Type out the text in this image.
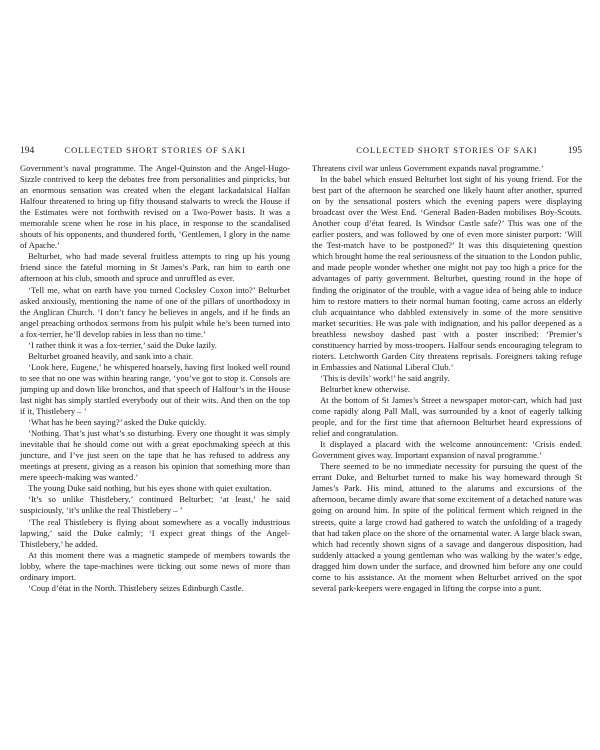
194	COLLECTED SHORT STORIES OF SAKI

Government’s naval programme. The Angel-Quinston and the Angel-Hugo-Sizzle contrived to keep the debates free from personalities and pinpricks, but an enormous sensation was created when the elegant lackadaisical Halfan Halfour threatened to bring up fifty thousand stalwarts to wreck the House if the Estimates were not forthwith revised on a Two-Power basis. It was a memorable scene when he rose in his place, in response to the scandalised shouts of his opponents, and thundered forth, ‘Gentlemen, I glory in the name of Apache.’

Belturbet, who had made several fruitless attempts to ring up his young friend since the fateful morning in St James’s Park, ran him to earth one afternoon at his club, smooth and spruce and unruffled as ever.

‘Tell me, what on earth have you turned Cocksley Coxon into?’ Belturbet asked anxiously, mentioning the name of one of the pillars of unorthodoxy in the Anglican Church. ‘I don’t fancy he believes in angels, and if he finds an angel preaching orthodox sermons from his pulpit while he’s been turned into a fox-terrier, he’ll develop rabies in less than no time.’

‘I rather think it was a fox-terrier,’ said the Duke lazily.

Belturbet groaned heavily, and sank into a chair.

‘Look here, Eugene,’ he whispered hoarsely, having first looked well round to see that no one was within hearing range, ‘you’ve got to stop it. Consols are jumping up and down like bronchos, and that speech of Halfour’s in the House last night has simply startled everybody out of their wits. And then on the top if it, Thistlebery – ’

‘What has he been saying?’ asked the Duke quickly.

‘Nothing. That’s just what’s so disturbing. Every one thought it was simply inevitable that he should come out with a great epochmaking speech at this juncture, and I’ve just seen on the tape that he has refused to address any meetings at present, giving as a reason his opinion that something more than mere speech-making was wanted.’

The young Duke said nothing, but his eyes shone with quiet exultation.

‘It’s so unlike Thistlebery,’ continued Belturbet; ‘at least,’ he said suspiciously, ‘it’s unlike the real Thistlebery – ’

‘The real Thistlebery is flying about somewhere as a vocally industrious lapwing,’ said the Duke calmly; ‘I expect great things of the Angel-Thistlebery,’ he added.

At this moment there was a magnetic stampede of members towards the lobby, where the tape-machines were ticking out some news of more than ordinary import.

‘Coup d’état in the North. Thistlebery seizes Edinburgh Castle.

COLLECTED SHORT STORIES OF SAKI	195

Threatens civil war unless Government expands naval programme.’

In the babel which ensued Belturbet lost sight of his young friend. For the best part of the afternoon he searched one likely haunt after another, spurred on by the sensational posters which the evening papers were displaying broadcast over the West End. ‘General Baden-Baden mobilises Boy-Scouts. Another coup d’état feared. Is Windsor Castle safe?’ This was one of the earlier posters, and was followed by one of even more sinister purport: ‘Will the Test-match have to be postponed?’ It was this disquietening question which brought home the real seriousness of the situation to the London public, and made people wonder whether one might not pay too high a price for the advantages of party government. Belturbet, questing round in the hope of finding the originator of the trouble, with a vague idea of being able to induce him to restore matters to their normal human footing, came across an elderly club acquaintance who dabbled extensively in some of the more sensitive market securities. He was pale with indignation, and his pallor deepened as a breathless newsboy dashed past with a poster inscribed: ‘Premier’s constituency harried by moss-troopers. Halfour sends encouraging telegram to rioters. Letchworth Garden City threatens reprisals. Foreigners taking refuge in Embassies and National Liberal Club.’

‘This is devils’ work!’ he said angrily.

Belturbet knew otherwise.

At the bottom of St James’s Street a newspaper motor-cart, which had just come rapidly along Pall Mall, was surrounded by a knot of eagerly talking people, and for the first time that afternoon Belturbet heard expressions of relief and congratulation.

It displayed a placard with the welcome announcement: ‘Crisis ended. Government gives way. Important expansion of naval programme.’

There seemed to be no immediate necessity for pursuing the quest of the errant Duke, and Belturbet turned to make his way homeward through St James’s Park. His mind, attuned to the alarums and excursions of the afternoon, became dimly aware that some excitement of a detached nature was going on around him. In spite of the political ferment which reigned in the streets, quite a large crowd had gathered to watch the unfolding of a tragedy that had taken place on the shore of the ornamental water. A large black swan, which had recently shown signs of a savage and dangerous disposition, had suddenly attacked a young gentleman who was walking by the water’s edge, dragged him down under the surface, and drowned him before any one could come to his assistance. At the moment when Belturbet arrived on the spot several park-keepers were engaged in lifting the corpse into a punt.
